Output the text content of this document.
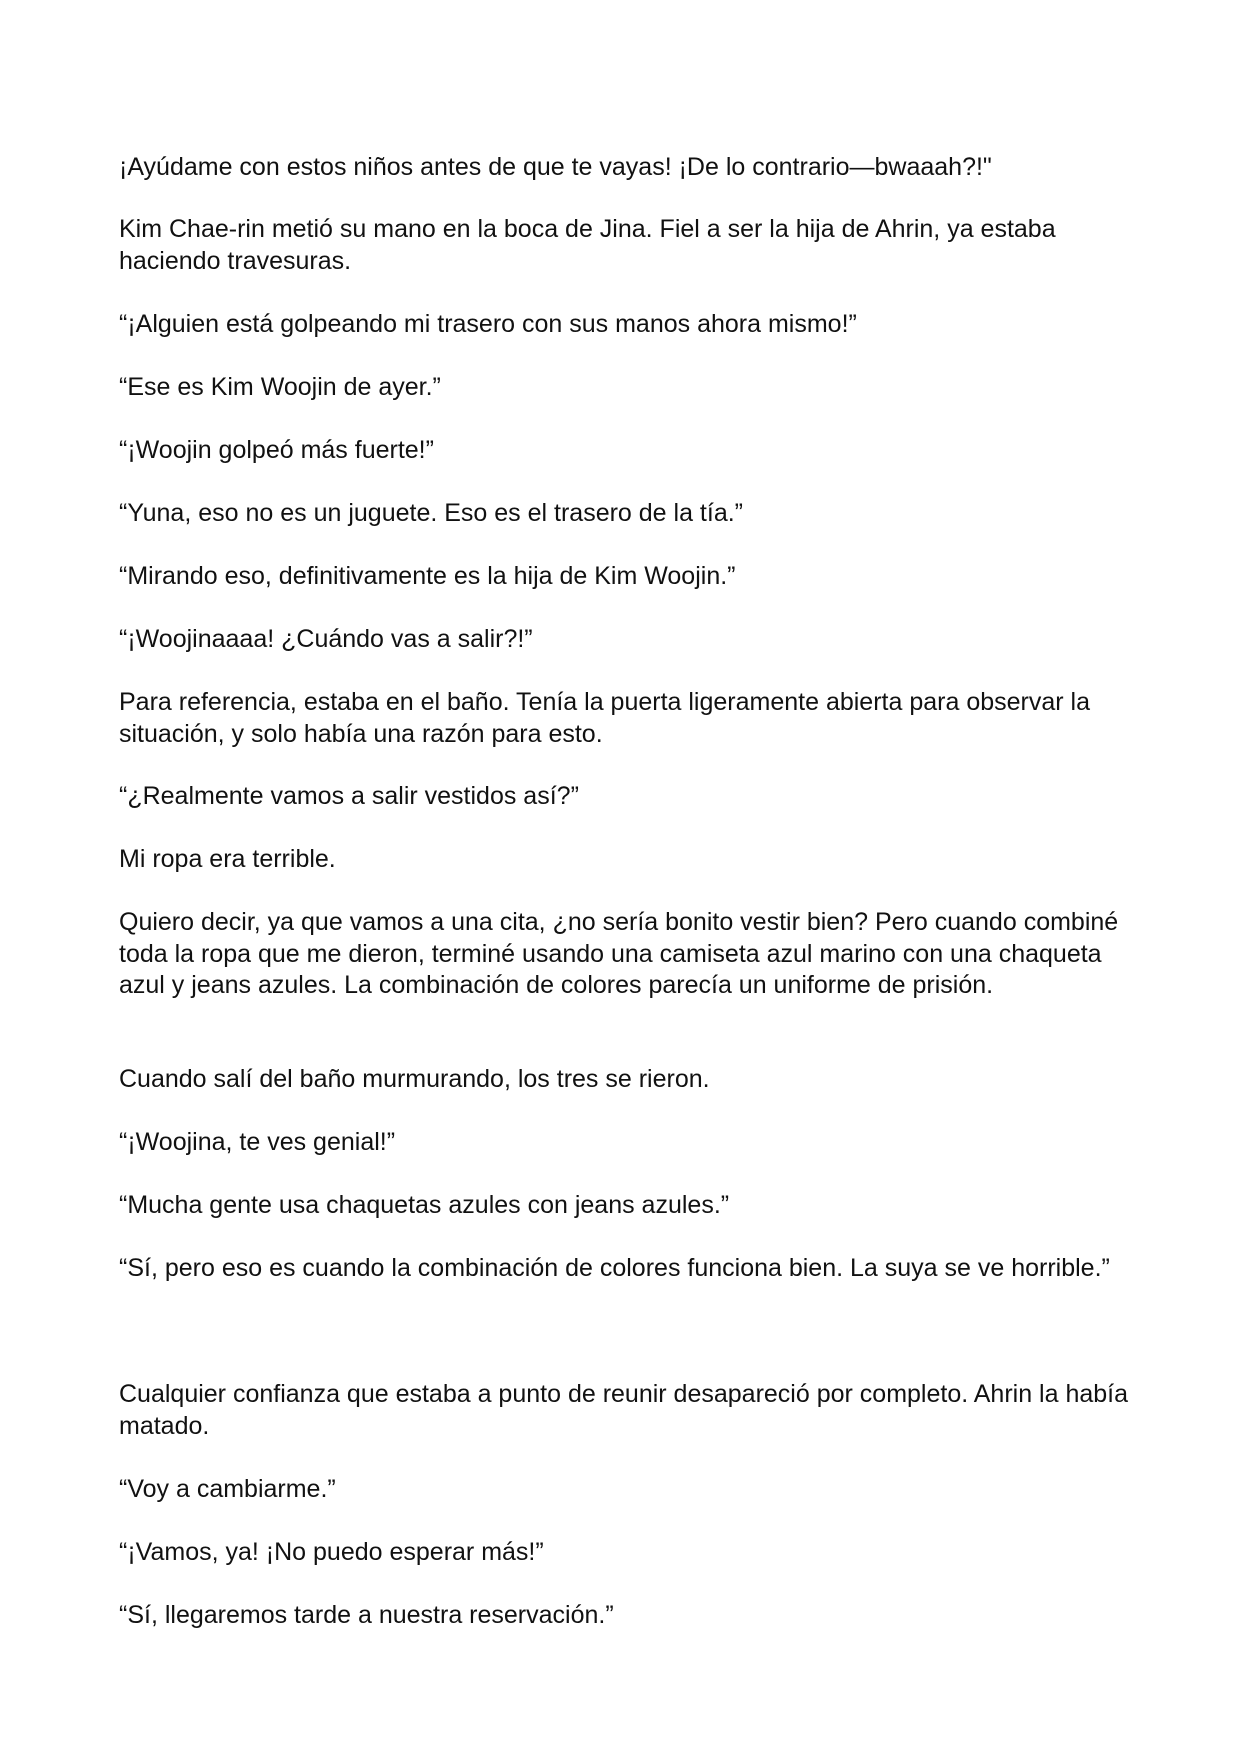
¡Ayúdame con estos niños antes de que te vayas! ¡De lo contrario—bwaaah?!"

Kim Chae-rin metió su mano en la boca de Jina. Fiel a ser la hija de Ahrin, ya estaba haciendo travesuras.

“¡Alguien está golpeando mi trasero con sus manos ahora mismo!”

“Ese es Kim Woojin de ayer.”

“¡Woojin golpeó más fuerte!”

“Yuna, eso no es un juguete. Eso es el trasero de la tía.”

“Mirando eso, definitivamente es la hija de Kim Woojin.”

“¡Woojinaaaa! ¿Cuándo vas a salir?!”

Para referencia, estaba en el baño. Tenía la puerta ligeramente abierta para observar la situación, y solo había una razón para esto.

“¿Realmente vamos a salir vestidos así?”

Mi ropa era terrible.

Quiero decir, ya que vamos a una cita, ¿no sería bonito vestir bien? Pero cuando combiné toda la ropa que me dieron, terminé usando una camiseta azul marino con una chaqueta azul y jeans azules. La combinación de colores parecía un uniforme de prisión.

Cuando salí del baño murmurando, los tres se rieron.

“¡Woojina, te ves genial!”

“Mucha gente usa chaquetas azules con jeans azules.”

“Sí, pero eso es cuando la combinación de colores funciona bien. La suya se ve horrible.”

Cualquier confianza que estaba a punto de reunir desapareció por completo. Ahrin la había matado.

“Voy a cambiarme.”

“¡Vamos, ya! ¡No puedo esperar más!”

“Sí, llegaremos tarde a nuestra reservación.”
